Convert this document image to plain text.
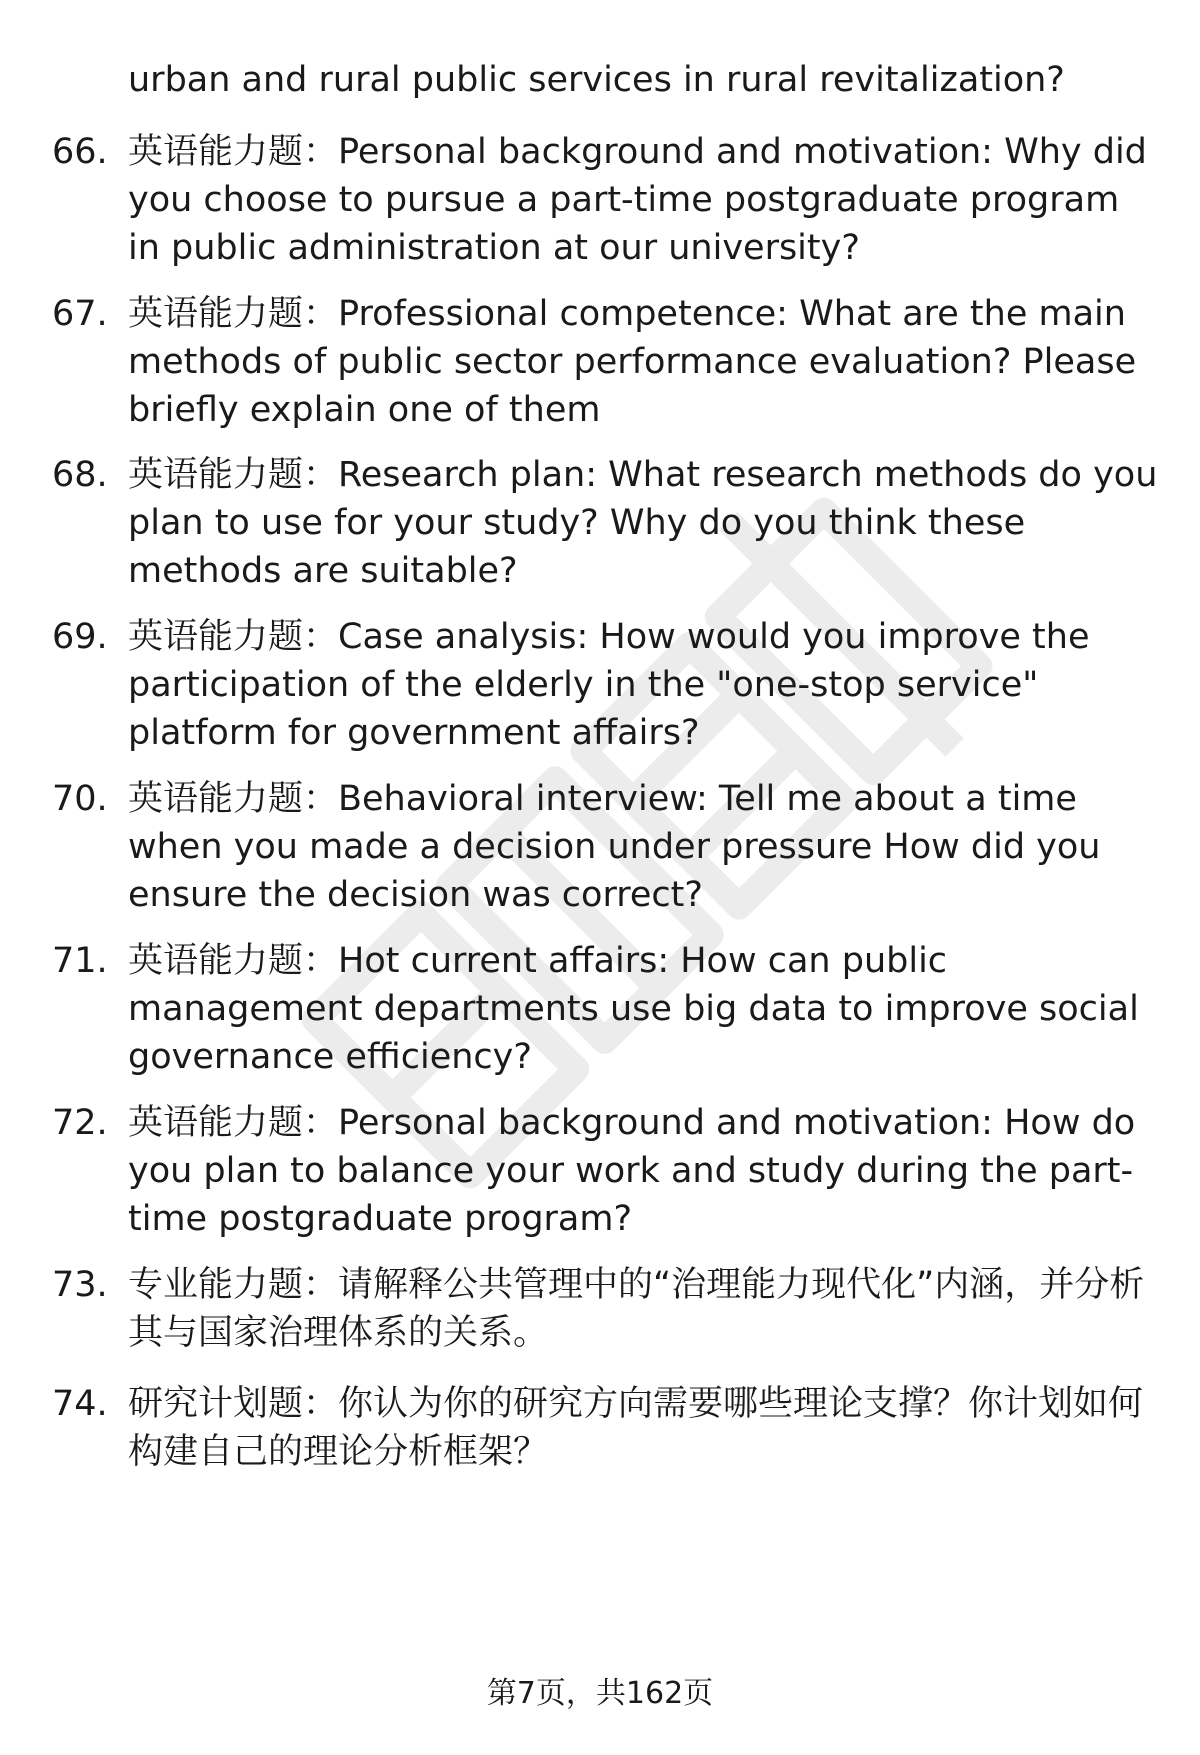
urban and rural public services in rural revitalization?

66. 英语能力题：Personal background and motivation: Why did you choose to pursue a part-time postgraduate program in public administration at our university?

67. 英语能力题：Professional competence: What are the main methods of public sector performance evaluation? Please briefly explain one of them

68. 英语能力题：Research plan: What research methods do you plan to use for your study? Why do you think these methods are suitable?

69. 英语能力题：Case analysis: How would you improve the participation of the elderly in the "one-stop service" platform for government affairs?

70. 英语能力题：Behavioral interview: Tell me about a time when you made a decision under pressure How did you ensure the decision was correct?

71. 英语能力题：Hot current affairs: How can public management departments use big data to improve social governance efficiency?

72. 英语能力题：Personal background and motivation: How do you plan to balance your work and study during the part-time postgraduate program?

73. 专业能力题：请解释公共管理中的“治理能力现代化”内涵，并分析其与国家治理体系的关系。

74. 研究计划题：你认为你的研究方向需要哪些理论支撑？你计划如何构建自己的理论分析框架？

第7页，共162页
